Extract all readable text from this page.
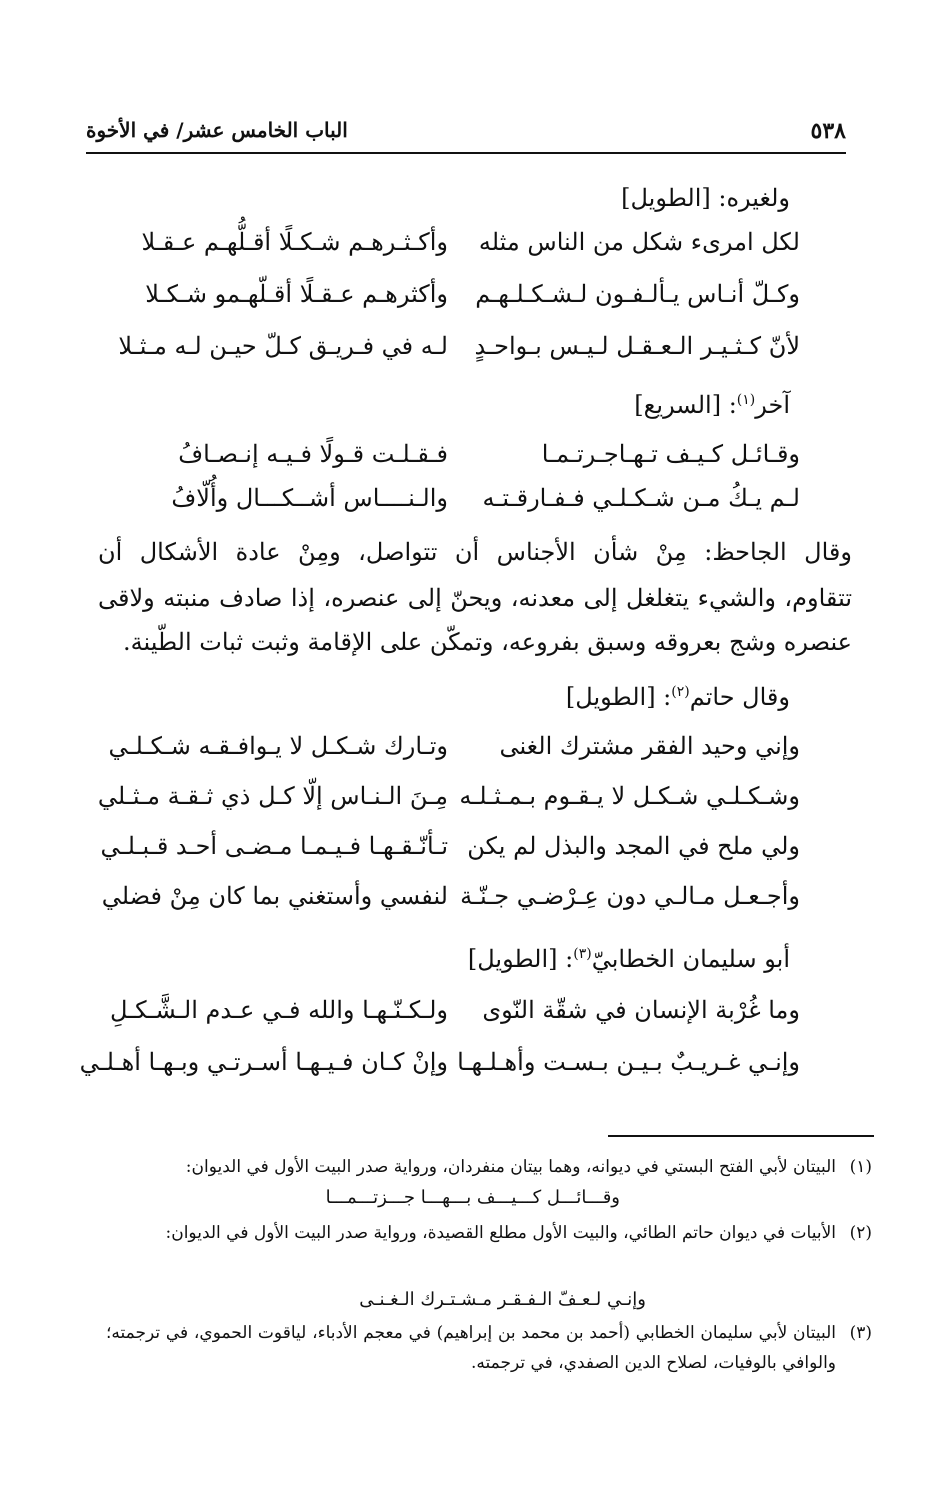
٥٣٨
الباب الخامس عشر/ في الأخوة
ولغيره: [الطويل]
لكل امرىء شكل من الناس مثله
وأكـثـرهـم شـكـلًا أقـلُّهـم عـقـلا
وكـلّ أنـاس يـألـفـون لـشـكـلـهـم
وأكثرهـم عـقـلًا أقـلّهـمو شـكـلا
لأنّ كـثـيـر الـعـقـل لـيـس بـواحـدٍ
لـه في فـريـق كـلّ حيـن لـه مـثـلا
آخر$^{(١)}$: [السريع]
وقـائـل كـيـف تـهـاجـرتـمـا
فـقـلـت قـولًا فـيـه إنـصـافُ
لـم يـكُ مـن شـكـلـي فـفـارقـتـه
والـنــــاس أشــكـــال وأُلّافُ
وقال الجاحظ: مِنْ شأن الأجناس أن تتواصل، ومِنْ عادة الأشكال أن
تتقاوم، والشيء يتغلغل إلى معدنه، ويحنّ إلى عنصره، إذا صادف منبته ولاقى
عنصره وشج بعروقه وسبق بفروعه، وتمكّن على الإقامة وثبت ثبات الطّينة.
وقال حاتم$^{(٢)}$: [الطويل]
وإني وحيد الفقر مشترك الغنى
وتـارك شـكـل لا يـوافـقـه شـكـلـي
وشـكـلـي شـكـل لا يـقـوم بـمـثـلـه
مِـنَ الـنـاس إلّا كـل ذي ثـقـة مـثـلي
ولي ملح في المجد والبذل لم يكن
تـأنّـقـهـا فـيـمـا مـضـى أحـد قـبـلـي
وأجـعـل مـالـي دون عِـرْضـي جـنّـة
لنفسي وأستغني بما كان مِنْ فضلي
أبو سليمان الخطابيّ$^{(٣)}$: [الطويل]
وما غُرْبة الإنسان في شقّة النّوى
ولـكـنّـهـا والله فـي عـدم الـشَّـكـلِ
وإنـي غـريـبٌ بـيـن بـسـت وأهـلـهـا
وإنْ كـان فـيـهـا أسـرتـي وبـهـا أهـلـي
(١)
البيتان لأبي الفتح البستي في ديوانه، وهما بيتان منفردان، ورواية صدر البيت الأول في الديوان:
وقـــائـــل كـــيـــف بـــهـــا جـــزتـــمـــا
(٢)
الأبيات في ديوان حاتم الطائي، والبيت الأول مطلع القصيدة، ورواية صدر البيت الأول في الديوان:
وإنـي لـعـفّ الـفـقـر مـشـتـرك الـغـنـى
(٣)
البيتان لأبي سليمان الخطابي (أحمد بن محمد بن إبراهيم) في معجم الأدباء، لياقوت الحموي، في ترجمته؛ والوافي بالوفيات، لصلاح الدين الصفدي، في ترجمته.
